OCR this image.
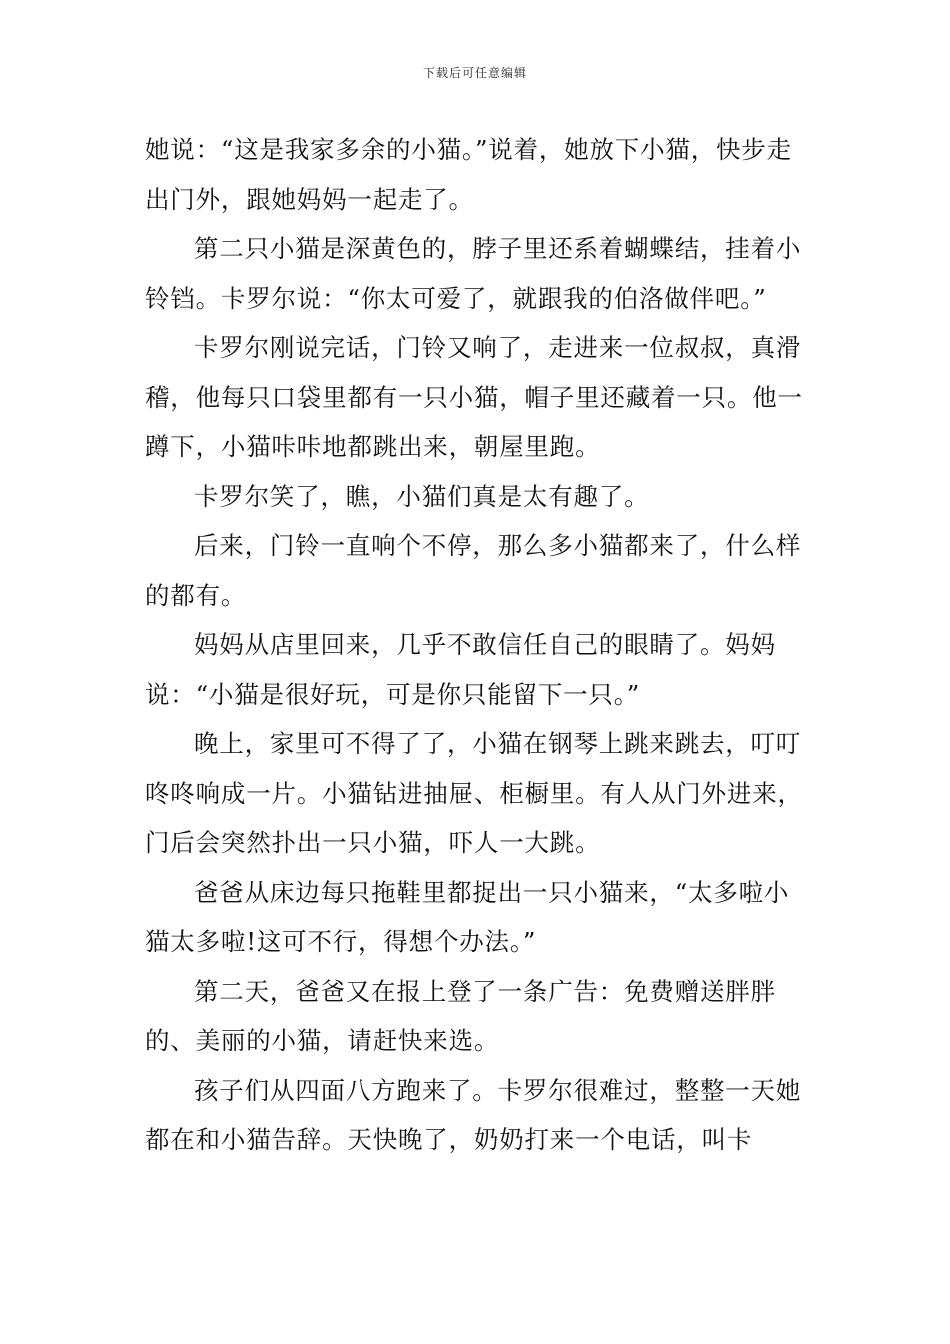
下载后可任意编辑

她说：“这是我家多余的小猫。”说着，她放下小猫，快步走出门外，跟她妈妈一起走了。

第二只小猫是深黄色的，脖子里还系着蝴蝶结，挂着小铃铛。卡罗尔说：“你太可爱了，就跟我的伯洛做伴吧。”

卡罗尔刚说完话，门铃又响了，走进来一位叔叔，真滑稽，他每只口袋里都有一只小猫，帽子里还藏着一只。他一蹲下，小猫咔咔地都跳出来，朝屋里跑。

卡罗尔笑了，瞧，小猫们真是太有趣了。

后来，门铃一直响个不停，那么多小猫都来了，什么样的都有。

妈妈从店里回来，几乎不敢信任自己的眼睛了。妈妈说：“小猫是很好玩，可是你只能留下一只。”

晚上，家里可不得了了，小猫在钢琴上跳来跳去，叮叮咚咚响成一片。小猫钻进抽屉、柜橱里。有人从门外进来，门后会突然扑出一只小猫，吓人一大跳。

爸爸从床边每只拖鞋里都捉出一只小猫来，“太多啦小猫太多啦!这可不行，得想个办法。”

第二天，爸爸又在报上登了一条广告：免费赠送胖胖的、美丽的小猫，请赶快来选。

孩子们从四面八方跑来了。卡罗尔很难过，整整一天她都在和小猫告辞。天快晚了，奶奶打来一个电话，叫卡
